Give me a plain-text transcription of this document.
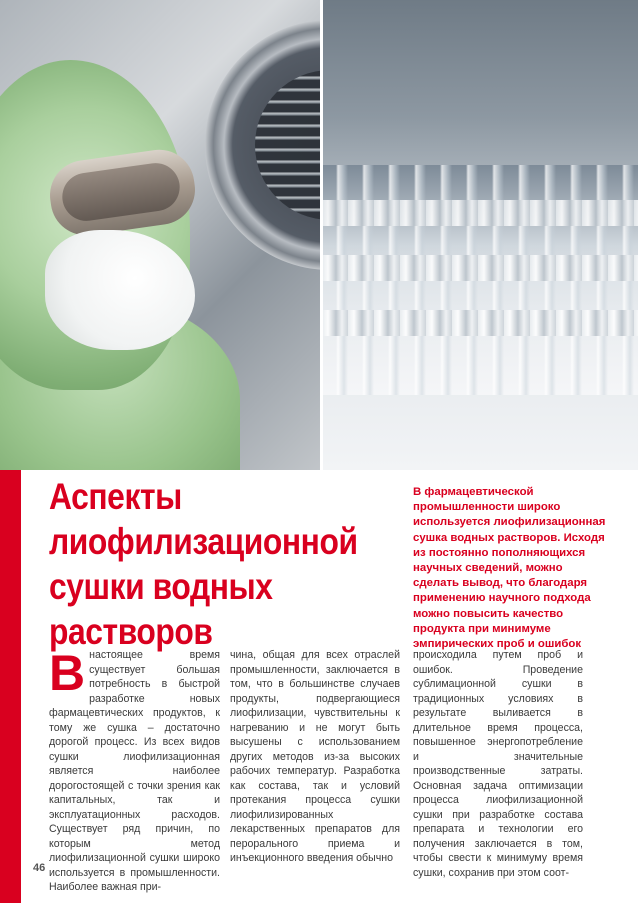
Аспекты
лиофилизационной
сушки водных
растворов

В фармацевтической промышленности широко используется лиофилизационная сушка водных растворов. Исходя из постоянно пополняющихся научных сведений, можно сделать вывод, что благодаря применению научного подхода можно повысить качество продукта при минимуме эмпирических проб и ошибок

Внастоящее время существует большая потребность в быстрой разработке новых фармацевтических продуктов, к тому же сушка – достаточно дорогой процесс. Из всех видов сушки лиофилизационная является наиболее дорогостоящей с точки зрения как капитальных, так и эксплуатационных расходов. Существует ряд причин, по которым метод лиофилизационной сушки широко используется в промышленности. Наиболее важная при-

чина, общая для всех отраслей промышленности, заключается в том, что в большинстве случаев продукты, подвергающиеся лиофилизации, чувствительны к нагреванию и не могут быть высушены с использованием других методов из-за высоких рабочих температур. Разработка как состава, так и условий протекания процесса сушки лиофилизированных лекарственных препаратов для перорального приема и инъекционного введения обычно

происходила путем проб и ошибок. Проведение сублимационной сушки в традиционных условиях в результате выливается в длительное время процесса, повышенное энергопотребление и значительные производственные затраты. Основная задача оптимизации процесса лиофилизационной сушки при разработке состава препарата и технологии его получения заключается в том, чтобы свести к минимуму время сушки, сохранив при этом соот-

46
